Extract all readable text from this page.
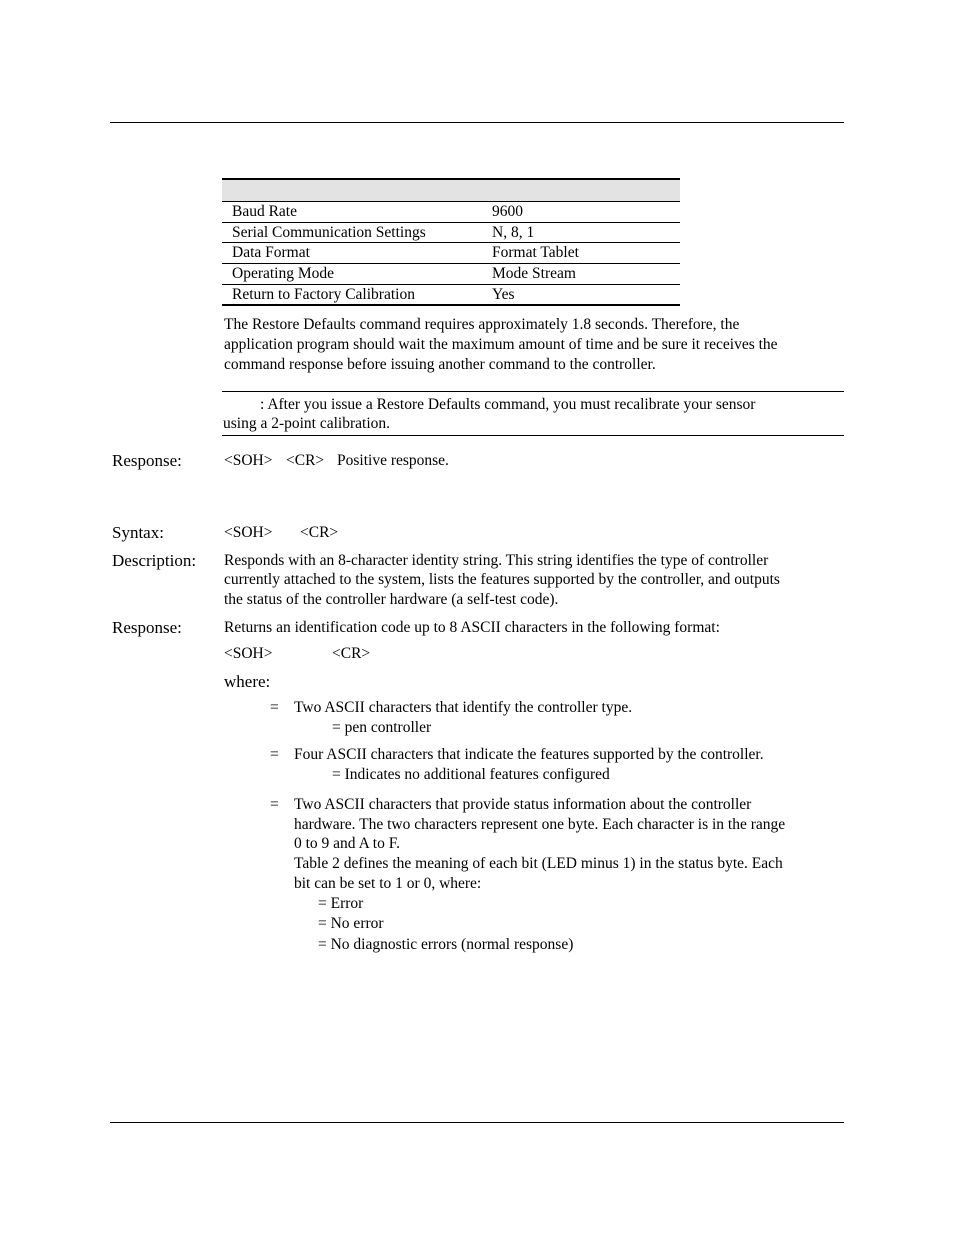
Baud Rate	9600
Serial Communication Settings	N, 8, 1
Data Format	Format Tablet
Operating Mode	Mode Stream
Return to Factory Calibration	Yes
The Restore Defaults command requires approximately 1.8 seconds. Therefore, the
application program should wait the maximum amount of time and be sure it receives the
command response before issuing another command to the controller.
: After you issue a Restore Defaults command, you must recalibrate your sensor
using a 2-point calibration.
Response:	<SOH> <CR> Positive response.
Syntax:	<SOH> <CR>
Description: Responds with an 8-character identity string. This string identifies the type of controller
currently attached to the system, lists the features supported by the controller, and outputs
the status of the controller hardware (a self-test code).
Response:	Returns an identification code up to 8 ASCII characters in the following format:
<SOH>	<CR>
where:
= Two ASCII characters that identify the controller type.
= pen controller
= Four ASCII characters that indicate the features supported by the controller.
= Indicates no additional features configured
= Two ASCII characters that provide status information about the controller
hardware. The two characters represent one byte. Each character is in the range
0 to 9 and A to F.
Table 2 defines the meaning of each bit (LED minus 1) in the status byte. Each
bit can be set to 1 or 0, where:
= Error
= No error
= No diagnostic errors (normal response)
